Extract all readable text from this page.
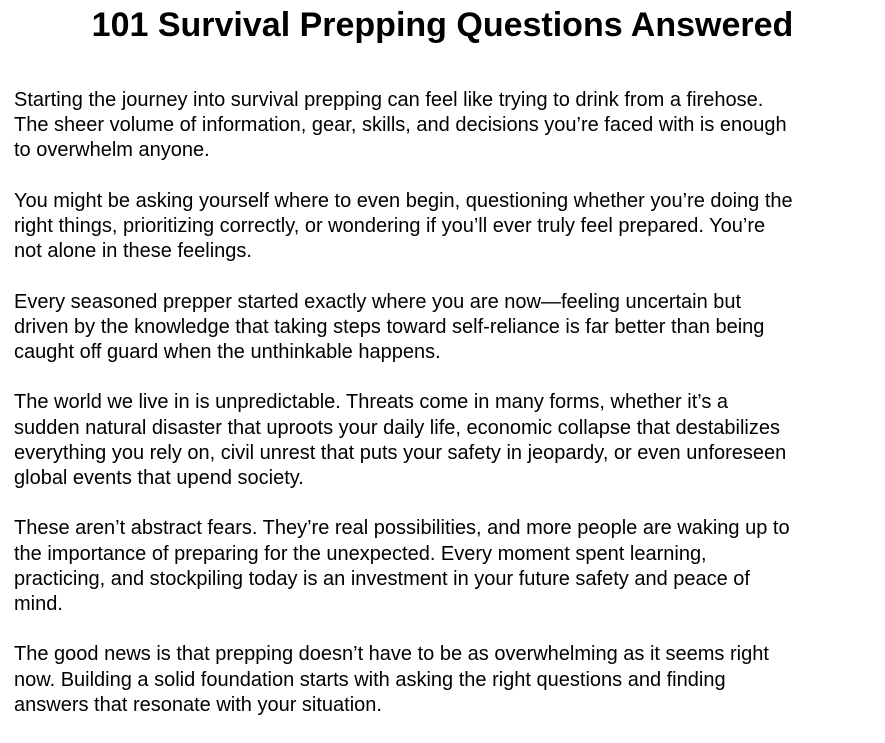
101 Survival Prepping Questions Answered

Starting the journey into survival prepping can feel like trying to drink from a firehose.
The sheer volume of information, gear, skills, and decisions you’re faced with is enough
to overwhelm anyone.

You might be asking yourself where to even begin, questioning whether you’re doing the
right things, prioritizing correctly, or wondering if you’ll ever truly feel prepared. You’re
not alone in these feelings.

Every seasoned prepper started exactly where you are now—feeling uncertain but
driven by the knowledge that taking steps toward self-reliance is far better than being
caught off guard when the unthinkable happens.

The world we live in is unpredictable. Threats come in many forms, whether it’s a
sudden natural disaster that uproots your daily life, economic collapse that destabilizes
everything you rely on, civil unrest that puts your safety in jeopardy, or even unforeseen
global events that upend society.

These aren’t abstract fears. They’re real possibilities, and more people are waking up to
the importance of preparing for the unexpected. Every moment spent learning,
practicing, and stockpiling today is an investment in your future safety and peace of
mind.

The good news is that prepping doesn’t have to be as overwhelming as it seems right
now. Building a solid foundation starts with asking the right questions and finding
answers that resonate with your situation.
